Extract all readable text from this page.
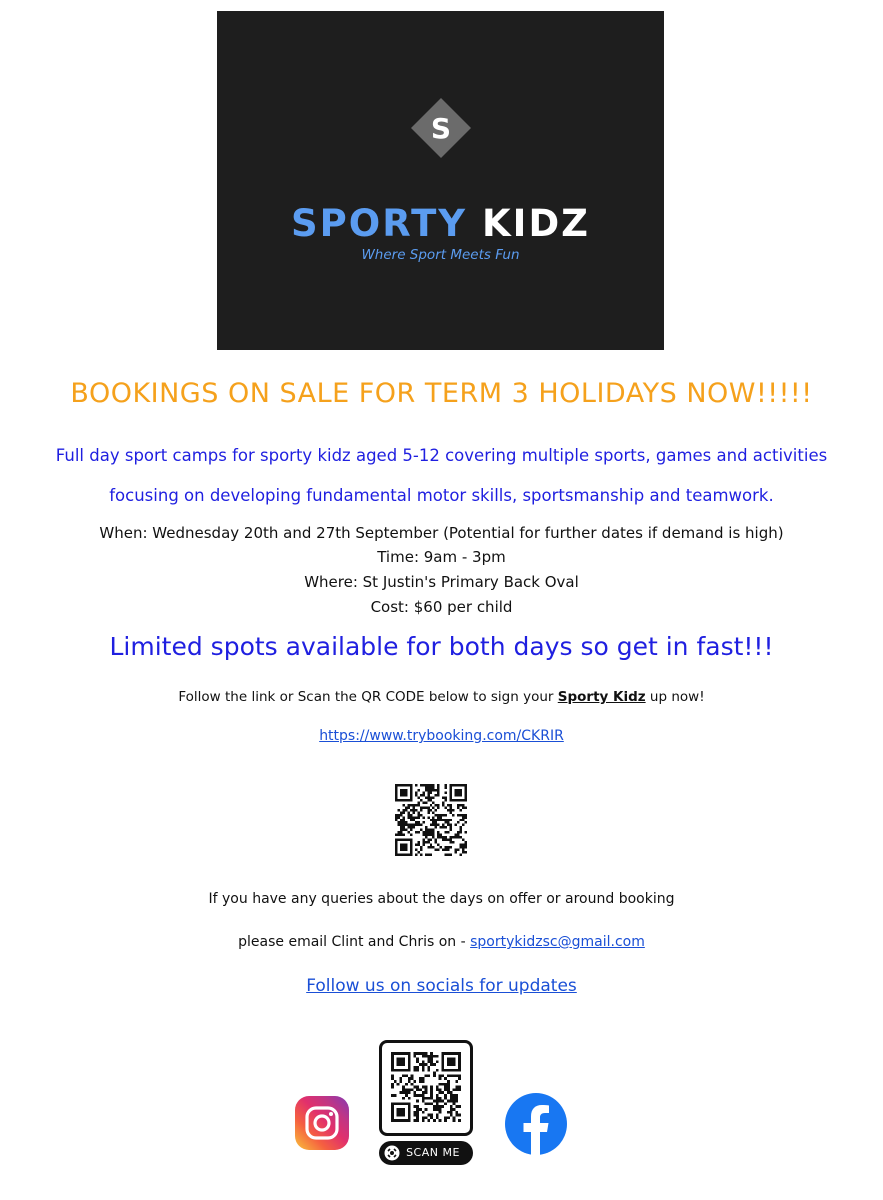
S
SPORTY KIDZ
Where Sport Meets Fun
BOOKINGS ON SALE FOR TERM 3 HOLIDAYS NOW!!!!!
Full day sport camps for sporty kidz aged 5-12 covering multiple sports, games and activities
focusing on developing fundamental motor skills, sportsmanship and teamwork.
When: Wednesday 20th and 27th September (Potential for further dates if demand is high)
Time: 9am - 3pm
Where: St Justin's Primary Back Oval
Cost: $60 per child
Limited spots available for both days so get in fast!!!
Follow the link or Scan the QR CODE below to sign your Sporty Kidz up now!
https://www.trybooking.com/CKRIR
If you have any queries about the days on offer or around booking
please email Clint and Chris on - sportykidzsc@gmail.com
Follow us on socials for updates
SCAN ME
